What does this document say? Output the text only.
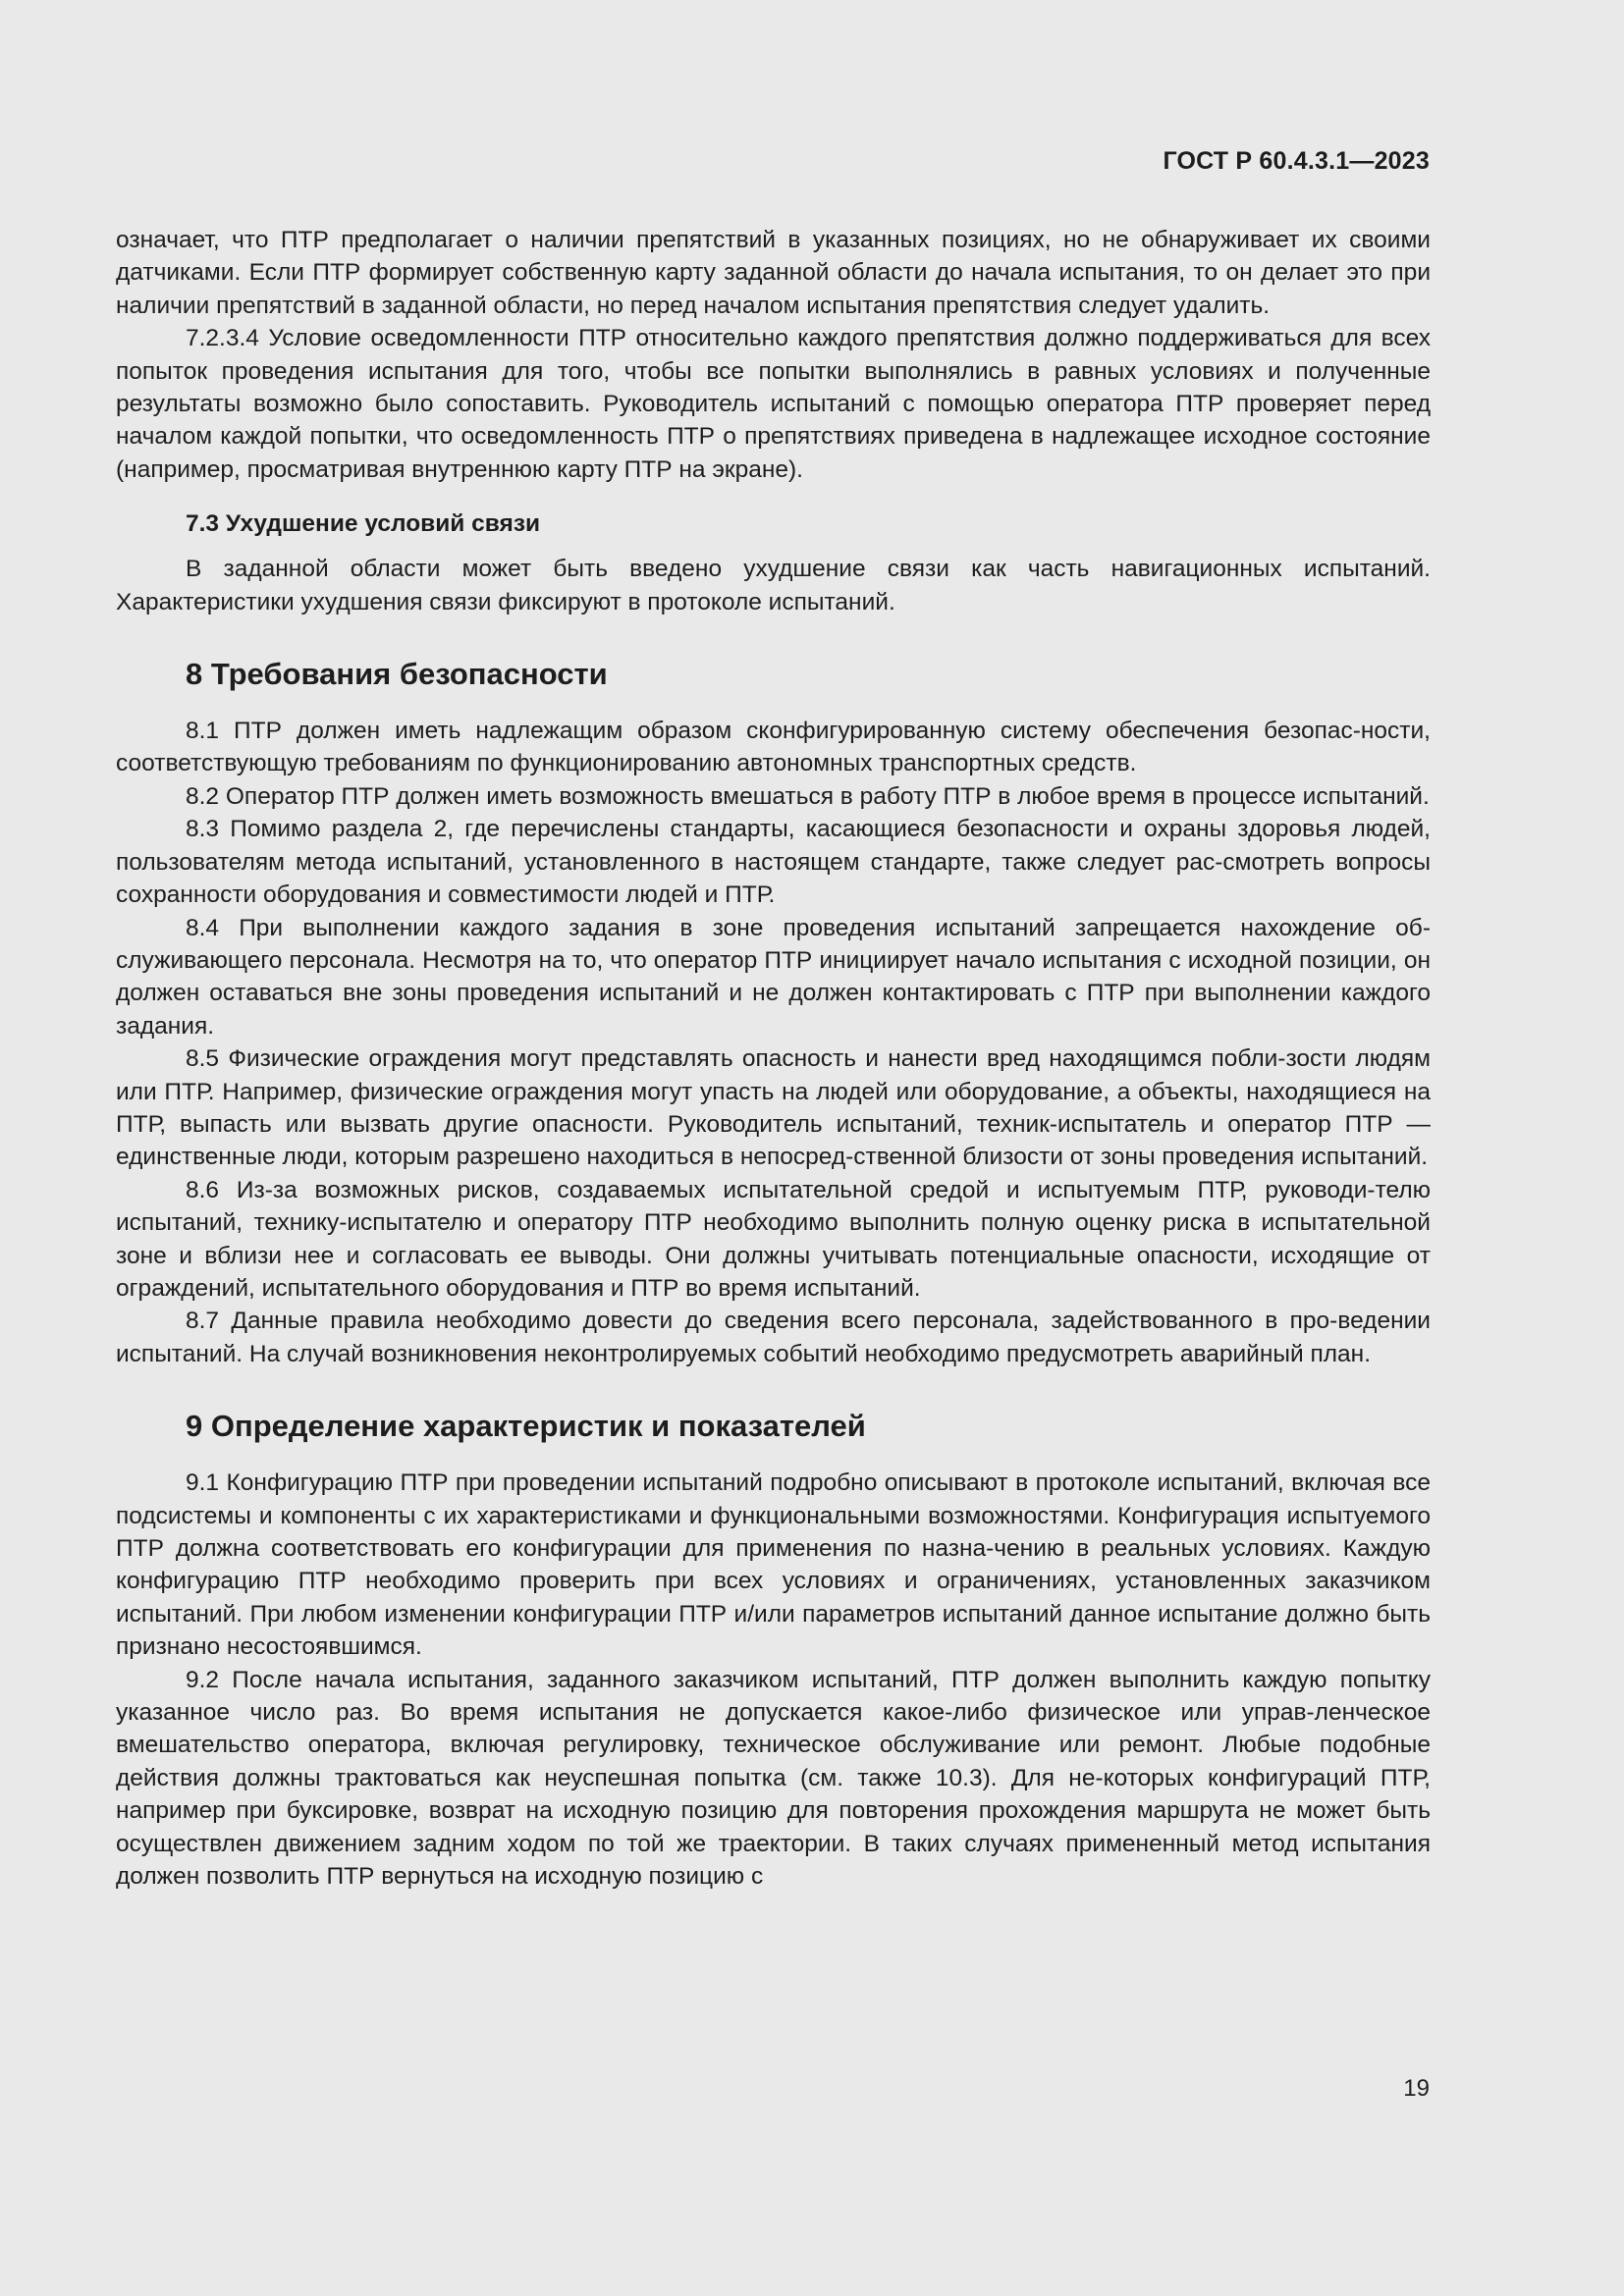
ГОСТ Р 60.4.3.1—2023

означает, что ПТР предполагает о наличии препятствий в указанных позициях, но не обнаруживает их своими датчиками. Если ПТР формирует собственную карту заданной области до начала испытания, то он делает это при наличии препятствий в заданной области, но перед началом испытания препятствия следует удалить.

7.2.3.4 Условие осведомленности ПТР относительно каждого препятствия должно поддерживаться для всех попыток проведения испытания для того, чтобы все попытки выполнялись в равных условиях и полученные результаты возможно было сопоставить. Руководитель испытаний с помощью оператора ПТР проверяет перед началом каждой попытки, что осведомленность ПТР о препятствиях приведена в надлежащее исходное состояние (например, просматривая внутреннюю карту ПТР на экране).

7.3 Ухудшение условий связи

В заданной области может быть введено ухудшение связи как часть навигационных испытаний. Характеристики ухудшения связи фиксируют в протоколе испытаний.

8 Требования безопасности

8.1 ПТР должен иметь надлежащим образом сконфигурированную систему обеспечения безопас-ности, соответствующую требованиям по функционированию автономных транспортных средств.

8.2 Оператор ПТР должен иметь возможность вмешаться в работу ПТР в любое время в процессе испытаний.

8.3 Помимо раздела 2, где перечислены стандарты, касающиеся безопасности и охраны здоровья людей, пользователям метода испытаний, установленного в настоящем стандарте, также следует рас-смотреть вопросы сохранности оборудования и совместимости людей и ПТР.

8.4 При выполнении каждого задания в зоне проведения испытаний запрещается нахождение об-служивающего персонала. Несмотря на то, что оператор ПТР инициирует начало испытания с исходной позиции, он должен оставаться вне зоны проведения испытаний и не должен контактировать с ПТР при выполнении каждого задания.

8.5 Физические ограждения могут представлять опасность и нанести вред находящимся побли-зости людям или ПТР. Например, физические ограждения могут упасть на людей или оборудование, а объекты, находящиеся на ПТР, выпасть или вызвать другие опасности. Руководитель испытаний, техник-испытатель и оператор ПТР — единственные люди, которым разрешено находиться в непосред-ственной близости от зоны проведения испытаний.

8.6 Из-за возможных рисков, создаваемых испытательной средой и испытуемым ПТР, руководи-телю испытаний, технику-испытателю и оператору ПТР необходимо выполнить полную оценку риска в испытательной зоне и вблизи нее и согласовать ее выводы. Они должны учитывать потенциальные опасности, исходящие от ограждений, испытательного оборудования и ПТР во время испытаний.

8.7 Данные правила необходимо довести до сведения всего персонала, задействованного в про-ведении испытаний. На случай возникновения неконтролируемых событий необходимо предусмотреть аварийный план.

9 Определение характеристик и показателей

9.1 Конфигурацию ПТР при проведении испытаний подробно описывают в протоколе испытаний, включая все подсистемы и компоненты с их характеристиками и функциональными возможностями. Конфигурация испытуемого ПТР должна соответствовать его конфигурации для применения по назна-чению в реальных условиях. Каждую конфигурацию ПТР необходимо проверить при всех условиях и ограничениях, установленных заказчиком испытаний. При любом изменении конфигурации ПТР и/или параметров испытаний данное испытание должно быть признано несостоявшимся.

9.2 После начала испытания, заданного заказчиком испытаний, ПТР должен выполнить каждую попытку указанное число раз. Во время испытания не допускается какое-либо физическое или управ-ленческое вмешательство оператора, включая регулировку, техническое обслуживание или ремонт. Любые подобные действия должны трактоваться как неуспешная попытка (см. также 10.3). Для не-которых конфигураций ПТР, например при буксировке, возврат на исходную позицию для повторения прохождения маршрута не может быть осуществлен движением задним ходом по той же траектории. В таких случаях примененный метод испытания должен позволить ПТР вернуться на исходную позицию с

19
